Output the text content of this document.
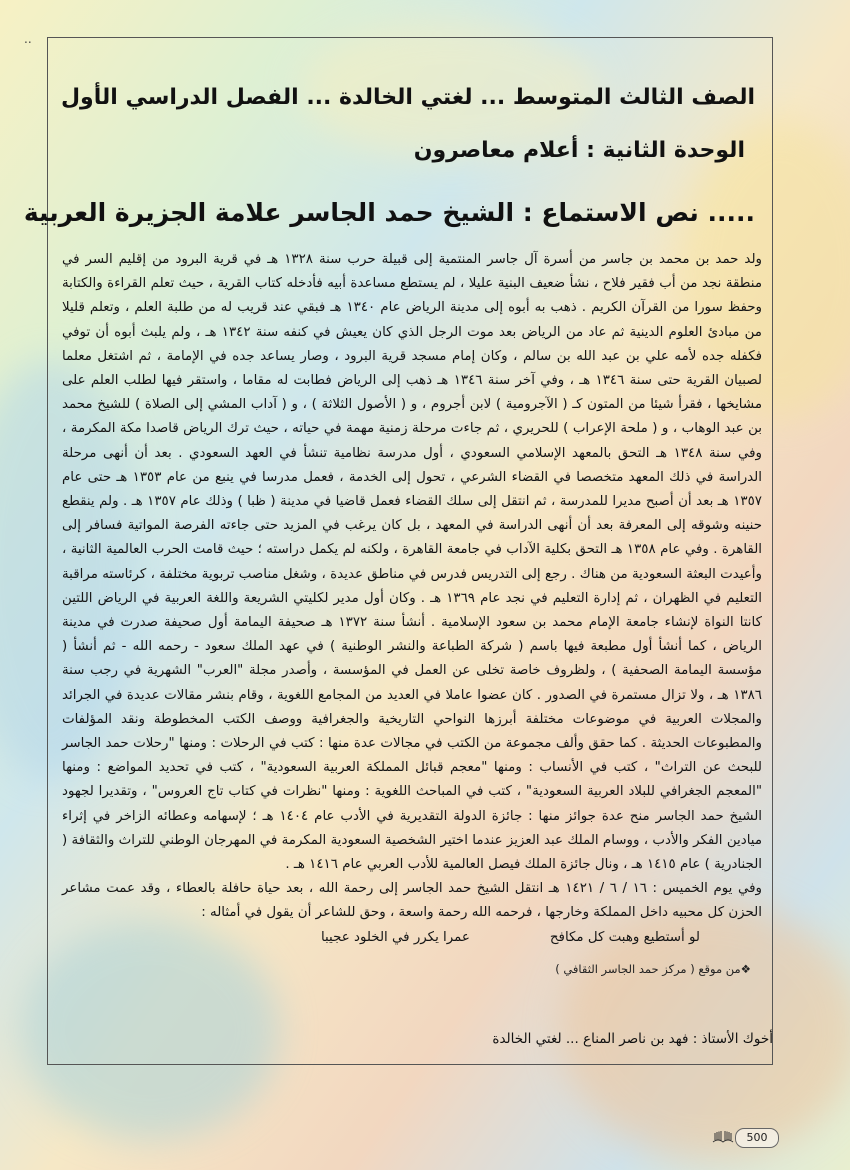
..
الصف الثالث المتوسط ... لغتي الخالدة ... الفصل الدراسي الأول
الوحدة الثانية : أعلام معاصرون
..... نص الاستماع : الشيخ حمد الجاسر علامة الجزيرة العربية

ولد حمد بن محمد بن جاسر من أسرة آل جاسر المنتمية إلى قبيلة حرب سنة ١٣٢٨ هـ في قرية البرود من إقليم السر في منطقة نجد من أب فقير فلاح ، نشأ ضعيف البنية عليلا ، لم يستطع مساعدة أبيه فأدخله كتاب القرية ، حيث تعلم القراءة والكتابة وحفظ سورا من القرآن الكريم . ذهب به أبوه إلى مدينة الرياض عام ١٣٤٠ هـ فبقي عند قريب له من طلبة العلم ، وتعلم قليلا من مبادئ العلوم الدينية ثم عاد من الرياض بعد موت الرجل الذي كان يعيش في كنفه سنة ١٣٤٢ هـ ، ولم يلبث أبوه أن توفي فكفله جده لأمه علي بن عبد الله بن سالم ، وكان إمام مسجد قرية البرود ، وصار يساعد جده في الإمامة ، ثم اشتغل معلما لصبيان القرية حتى سنة ١٣٤٦ هـ ، وفي آخر سنة ١٣٤٦ هـ ذهب إلى الرياض فطابت له مقاما ، واستقر فيها لطلب العلم على مشايخها ، فقرأ شيئا من المتون كـ ( الآجرومية ) لابن أجروم ، و ( الأصول الثلاثة ) ، و ( آداب المشي إلى الصلاة ) للشيخ محمد بن عبد الوهاب ، و ( ملحة الإعراب ) للحريري ، ثم جاءت مرحلة زمنية مهمة في حياته ، حيث ترك الرياض قاصدا مكة المكرمة ، وفي سنة ١٣٤٨ هـ التحق بالمعهد الإسلامي السعودي ، أول مدرسة نظامية تنشأ في العهد السعودي . بعد أن أنهى مرحلة الدراسة في ذلك المعهد متخصصا في القضاء الشرعي ، تحول إلى الخدمة ، فعمل مدرسا في ينبع من عام ١٣٥٣ هـ حتى عام ١٣٥٧ هـ بعد أن أصبح مديرا للمدرسة ، ثم انتقل إلى سلك القضاء فعمل قاضيا في مدينة ( ظبا ) وذلك عام ١٣٥٧ هـ . ولم ينقطع حنينه وشوقه إلى المعرفة بعد أن أنهى الدراسة في المعهد ، بل كان يرغب في المزيد حتى جاءته الفرصة المواتية فسافر إلى القاهرة . وفي عام ١٣٥٨ هـ التحق بكلية الآداب في جامعة القاهرة ، ولكنه لم يكمل دراسته ؛ حيث قامت الحرب العالمية الثانية ، وأعيدت البعثة السعودية من هناك . رجع إلى التدريس فدرس في مناطق عديدة ، وشغل مناصب تربوية مختلفة ، كرئاسته مراقبة التعليم في الظهران ، ثم إدارة التعليم في نجد عام ١٣٦٩ هـ . وكان أول مدير لكليتي الشريعة واللغة العربية في الرياض اللتين كانتا النواة لإنشاء جامعة الإمام محمد بن سعود الإسلامية . أنشأ سنة ١٣٧٢ هـ صحيفة اليمامة أول صحيفة صدرت في مدينة الرياض ، كما أنشأ أول مطبعة فيها باسم ( شركة الطباعة والنشر الوطنية ) في عهد الملك سعود - رحمه الله - ثم أنشأ ( مؤسسة اليمامة الصحفية ) ، ولظروف خاصة تخلى عن العمل في المؤسسة ، وأصدر مجلة "العرب" الشهرية في رجب سنة ١٣٨٦ هـ ، ولا تزال مستمرة في الصدور . كان عضوا عاملا في العديد من المجامع اللغوية ، وقام بنشر مقالات عديدة في الجرائد والمجلات العربية في موضوعات مختلفة أبرزها النواحي التاريخية والجغرافية ووصف الكتب المخطوطة ونقد المؤلفات والمطبوعات الحديثة . كما حقق وألف مجموعة من الكتب في مجالات عدة منها : كتب في الرحلات : ومنها "رحلات حمد الجاسر للبحث عن التراث" ، كتب في الأنساب : ومنها "معجم قبائل المملكة العربية السعودية" ، كتب في تحديد المواضع : ومنها "المعجم الجغرافي للبلاد العربية السعودية" ، كتب في المباحث اللغوية : ومنها "نظرات في كتاب تاج العروس" ، وتقديرا لجهود الشيخ حمد الجاسر منح عدة جوائز منها : جائزة الدولة التقديرية في الأدب عام ١٤٠٤ هـ ؛ لإسهامه وعطائه الزاخر في إثراء ميادين الفكر والأدب ، ووسام الملك عبد العزيز عندما اختير الشخصية السعودية المكرمة في المهرجان الوطني للتراث والثقافة ( الجنادرية ) عام ١٤١٥ هـ ، ونال جائزة الملك فيصل العالمية للأدب العربي عام ١٤١٦ هـ .

وفي يوم الخميس : ١٦ / ٦ / ١٤٢١ هـ انتقل الشيخ حمد الجاسر إلى رحمة الله ، بعد حياة حافلة بالعطاء ، وقد عمت مشاعر الحزن كل محبيه داخل المملكة وخارجها ، فرحمه الله رحمة واسعة ، وحق للشاعر أن يقول في أمثاله :

لو أستطيع وهبت كل مكافح
عمرا يكرر في الخلود عجيبا
❖من موقع ( مركز حمد الجاسر الثقافي )
أخوك الأستاذ : فهد بن ناصر المناع ... لغتي الخالدة
500
